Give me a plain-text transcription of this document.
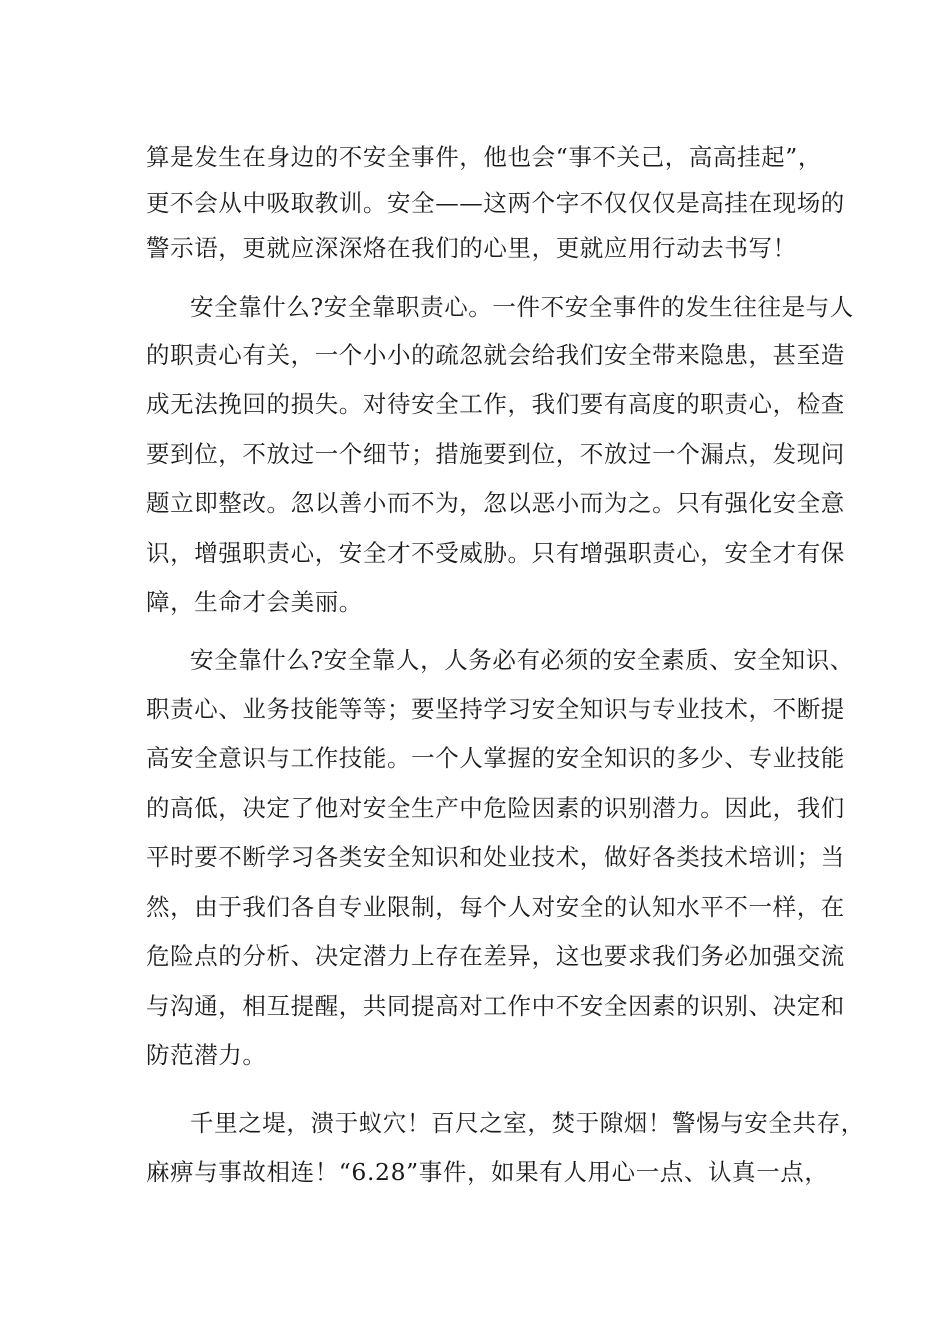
算是发生在身边的不安全事件，他也会“事不关己，高高挂起”，
更不会从中吸取教训。安全——这两个字不仅仅仅是高挂在现场的
警示语，更就应深深烙在我们的心里，更就应用行动去书写！
安全靠什么?安全靠职责心。一件不安全事件的发生往往是与人
的职责心有关，一个小小的疏忽就会给我们安全带来隐患，甚至造
成无法挽回的损失。对待安全工作，我们要有高度的职责心，检查
要到位，不放过一个细节；措施要到位，不放过一个漏点，发现问
题立即整改。忽以善小而不为，忽以恶小而为之。只有强化安全意
识，增强职责心，安全才不受威胁。只有增强职责心，安全才有保
障，生命才会美丽。
安全靠什么?安全靠人，人务必有必须的安全素质、安全知识、
职责心、业务技能等等；要坚持学习安全知识与专业技术，不断提
高安全意识与工作技能。一个人掌握的安全知识的多少、专业技能
的高低，决定了他对安全生产中危险因素的识别潜力。因此，我们
平时要不断学习各类安全知识和处业技术，做好各类技术培训；当
然，由于我们各自专业限制，每个人对安全的认知水平不一样，在
危险点的分析、决定潜力上存在差异，这也要求我们务必加强交流
与沟通，相互提醒，共同提高对工作中不安全因素的识别、决定和
防范潜力。
千里之堤，溃于蚁穴！百尺之室，焚于隙烟！警惕与安全共存，
麻痹与事故相连！“6.28”事件，如果有人用心一点、认真一点，
